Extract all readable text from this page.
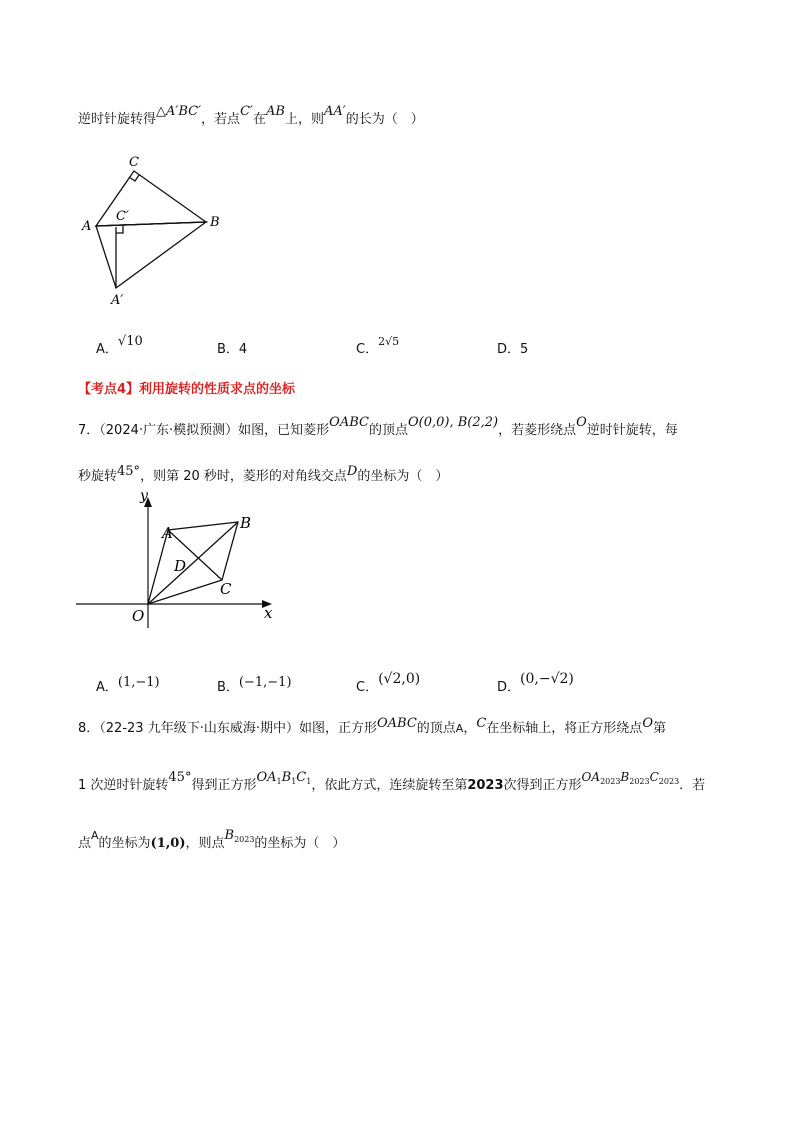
逆时针旋转得△A′BC′，若点C′在AB上，则AA′的长为（　）
C
A
C′	B
A′
A．√10
B．4	C．$^{2√5}$
D．5
【考点4】利用旋转的性质求点的坐标
7．（2024·广东·模拟预测）如图，已知菱形OABC的顶点O(0,0), B(2,2)，若菱形绕点O逆时针旋转，每
秒旋转45°，则第 20 秒时，菱形的对角线交点D的坐标为（　）
y
x
O
A
B
C
D
A．(1,−1)	B．(−1,−1)	C．(√2,0)
D．(0,−√2)
8．（22-23 九年级下·山东威海·期中）如图，正方形OABC的顶点A，C在坐标轴上，将正方形绕点O第
1 次逆时针旋转45°得到正方形$OA_1B_1C_1$，依此方式，连续旋转至第2023次得到正方形$OA_{2023}B_{2023}C_{2023}$．若
点$^A$的坐标为(1,0)，则点$B_{2023}$的坐标为（　）
